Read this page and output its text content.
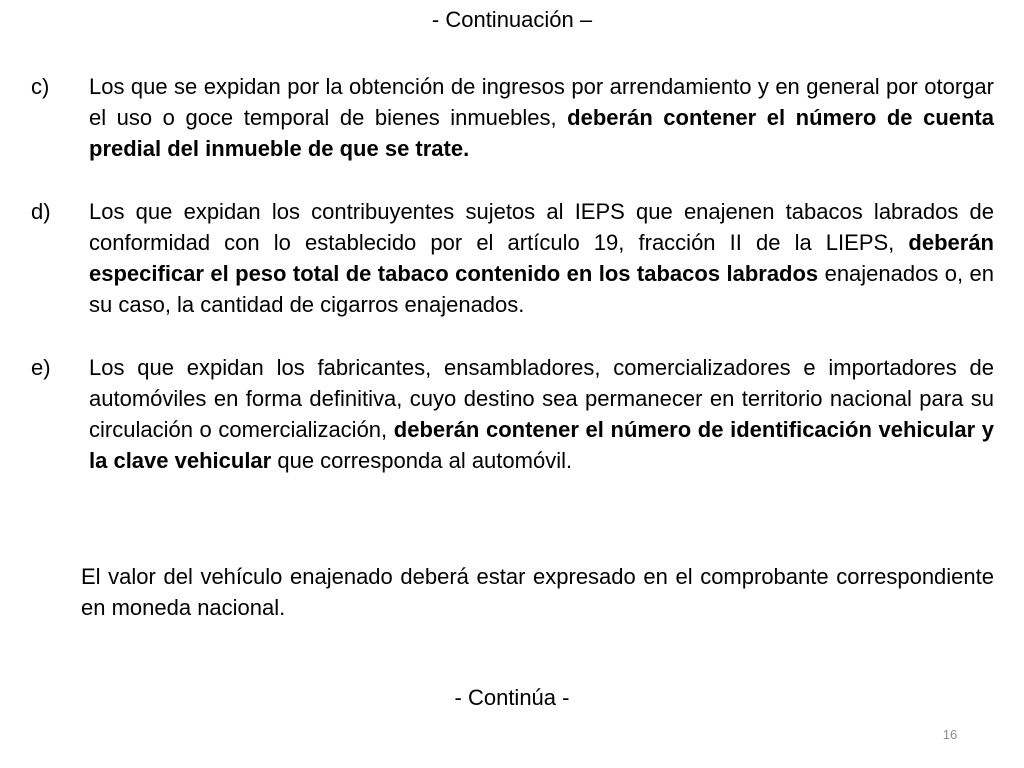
- Continuación –
c)	Los que se expidan por la obtención de ingresos por arrendamiento y en general por otorgar el uso o goce temporal de bienes inmuebles, deberán contener el número de cuenta predial del inmueble de que se trate.
d)	Los que expidan los contribuyentes sujetos al IEPS que enajenen tabacos labrados de conformidad con lo establecido por el artículo 19, fracción II de la LIEPS, deberán especificar el peso total de tabaco contenido en los tabacos labrados enajenados o, en su caso, la cantidad de cigarros enajenados.
e)	Los que expidan los fabricantes, ensambladores, comercializadores e importadores de automóviles en forma definitiva, cuyo destino sea permanecer en territorio nacional para su circulación o comercialización, deberán contener el número de identificación vehicular y la clave vehicular que corresponda al automóvil.

El valor del vehículo enajenado deberá estar expresado en el comprobante correspondiente en moneda nacional.

- Continúa -
16
